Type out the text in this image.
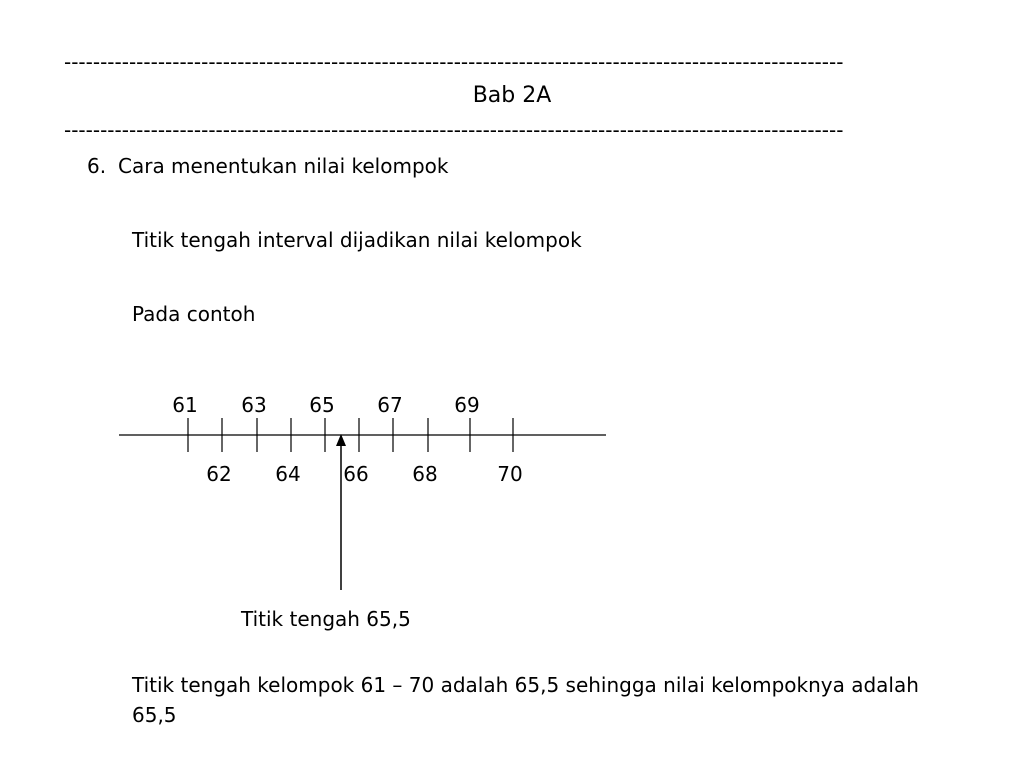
------------------------------------------------------------------------------------------------------------
Bab 2A
------------------------------------------------------------------------------------------------------------
6. Cara menentukan nilai kelompok
Titik tengah interval dijadikan nilai kelompok
Pada contoh
61 63 65 67	69
62 64 66 68	70
Titik tengah 65,5
Titik tengah kelompok 61 – 70 adalah 65,5 sehingga nilai kelompoknya adalah 65,5
